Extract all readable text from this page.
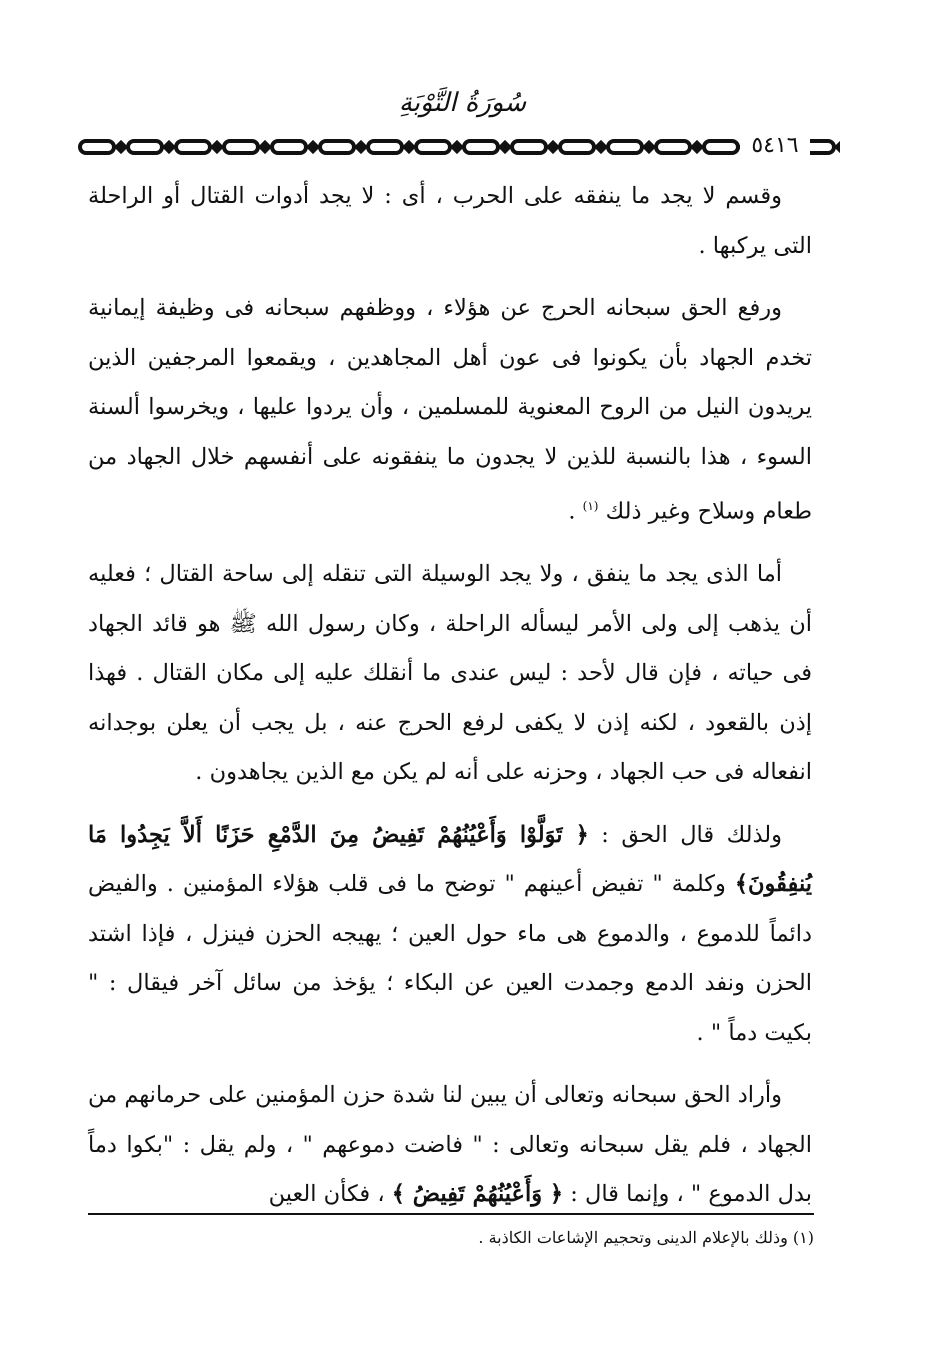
سُورَةُ التَّوْبَةِ
٥٤١٦

وقسم لا يجد ما ينفقه على الحرب ، أى : لا يجد أدوات القتال أو الراحلة التى يركبها .

ورفع الحق سبحانه الحرج عن هؤلاء ، ووظفهم سبحانه فى وظيفة إيمانية تخدم الجهاد بأن يكونوا فى عون أهل المجاهدين ، ويقمعوا المرجفين الذين يريدون النيل من الروح المعنوية للمسلمين ، وأن يردوا عليها ، ويخرسوا ألسنة السوء ، هذا بالنسبة للذين لا يجدون ما ينفقونه على أنفسهم خلال الجهاد من طعام وسلاح وغير ذلك $^{(١)}$ .

أما الذى يجد ما ينفق ، ولا يجد الوسيلة التى تنقله إلى ساحة القتال ؛ فعليه أن يذهب إلى ولى الأمر ليسأله الراحلة ، وكان رسول الله ﷺ هو قائد الجهاد فى حياته ، فإن قال لأحد : ليس عندى ما أنقلك عليه إلى مكان القتال . فهذا إذن بالقعود ، لكنه إذن لا يكفى لرفع الحرج عنه ، بل يجب أن يعلن بوجدانه انفعاله فى حب الجهاد ، وحزنه على أنه لم يكن مع الذين يجاهدون .

ولذلك قال الحق : ﴿ تَوَلَّوْا وَأَعْيُنُهُمْ تَفِيضُ مِنَ الدَّمْعِ حَزَنًا أَلاَّ يَجِدُوا مَا يُنفِقُونَ﴾ وكلمة " تفيض أعينهم " توضح ما فى قلب هؤلاء المؤمنين . والفيض دائماً للدموع ، والدموع هى ماء حول العين ؛ يهيجه الحزن فينزل ، فإذا اشتد الحزن ونفد الدمع وجمدت العين عن البكاء ؛ يؤخذ من سائل آخر فيقال : " بكيت دماً " .

وأراد الحق سبحانه وتعالى أن يبين لنا شدة حزن المؤمنين على حرمانهم من الجهاد ، فلم يقل سبحانه وتعالى : " فاضت دموعهم " ، ولم يقل : "بكوا دماً بدل الدموع " ، وإنما قال : ﴿ وَأَعْيُنُهُمْ تَفِيضُ ﴾ ، فكأن العين

(١) وذلك بالإعلام الدينى وتحجيم الإشاعات الكاذبة .
